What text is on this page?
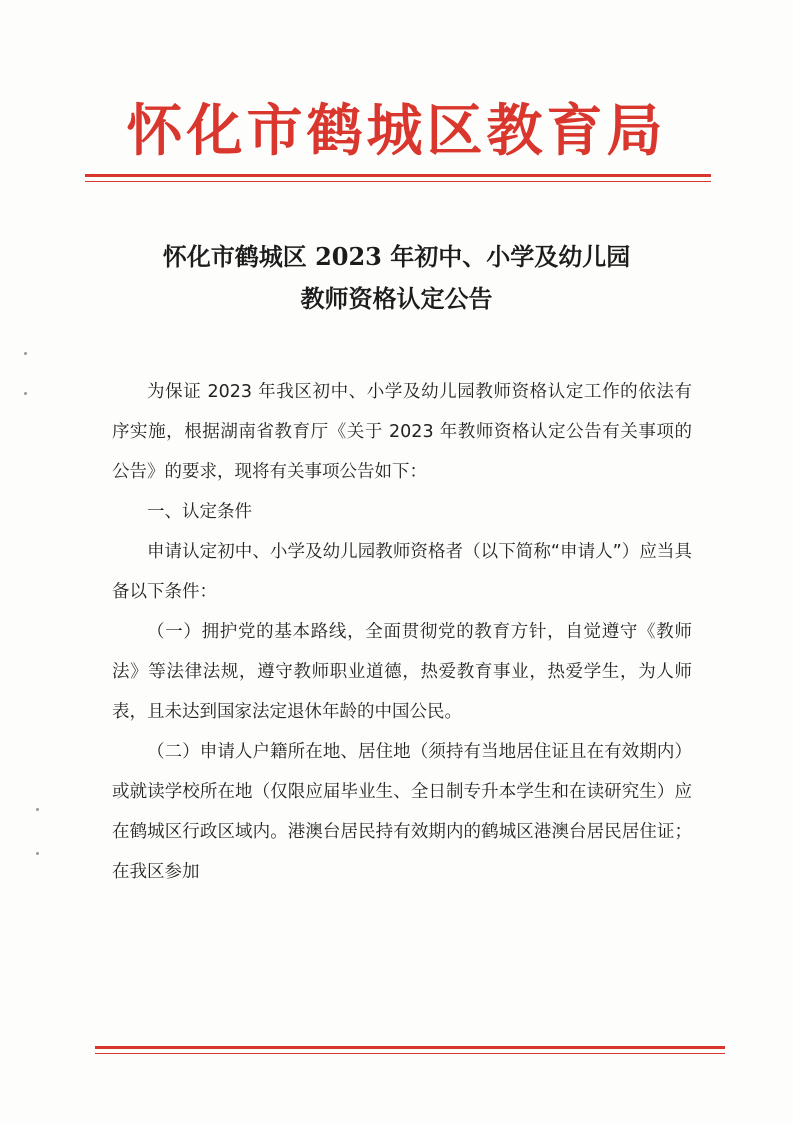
怀化市鹤城区教育局
怀化市鹤城区 2023 年初中、小学及幼儿园
教师资格认定公告

为保证 2023 年我区初中、小学及幼儿园教师资格认定工作的依法有序实施，根据湖南省教育厅《关于 2023 年教师资格认定公告有关事项的公告》的要求，现将有关事项公告如下：

一、认定条件

申请认定初中、小学及幼儿园教师资格者（以下简称“申请人”）应当具备以下条件：

（一）拥护党的基本路线，全面贯彻党的教育方针，自觉遵守《教师法》等法律法规，遵守教师职业道德，热爱教育事业，热爱学生，为人师表，且未达到国家法定退休年龄的中国公民。

（二）申请人户籍所在地、居住地（须持有当地居住证且在有效期内）或就读学校所在地（仅限应届毕业生、全日制专升本学生和在读研究生）应在鹤城区行政区域内。港澳台居民持有效期内的鹤城区港澳台居民居住证；在我区参加
